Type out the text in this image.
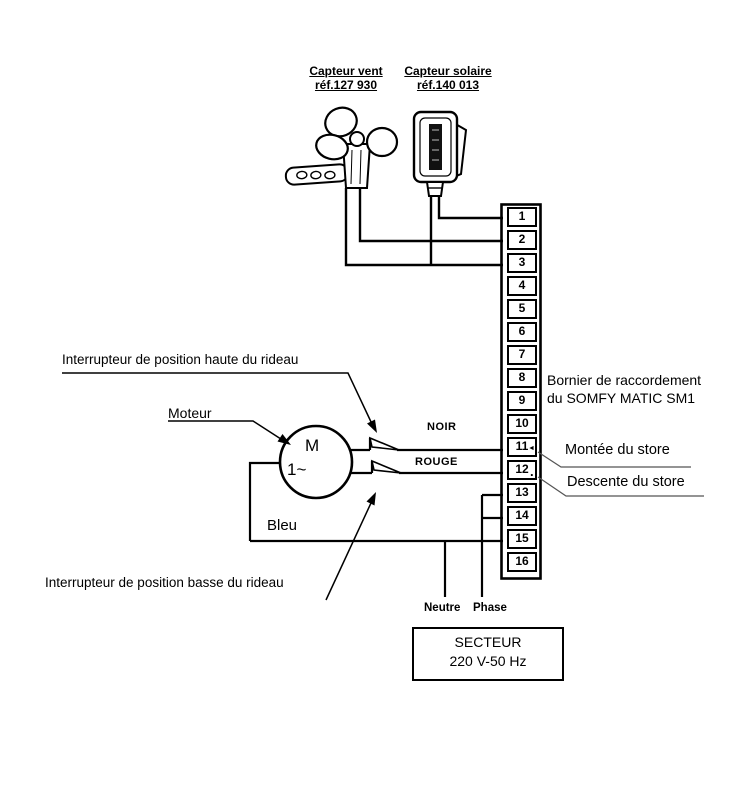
1
2
3
4
5
6
7
8
9
10
11
12
13
14
15
16
◄
.
Capteur vent
réf.127 930
Capteur solaire
réf.140 013
Bornier de raccordement
du SOMFY MATIC SM1
Montée du store
Descente du store
Interrupteur de position haute du rideau
Interrupteur de position basse du rideau
Moteur
M
1~
NOIR
ROUGE
Bleu
Neutre Phase
SECTEUR
220 V-50 Hz
